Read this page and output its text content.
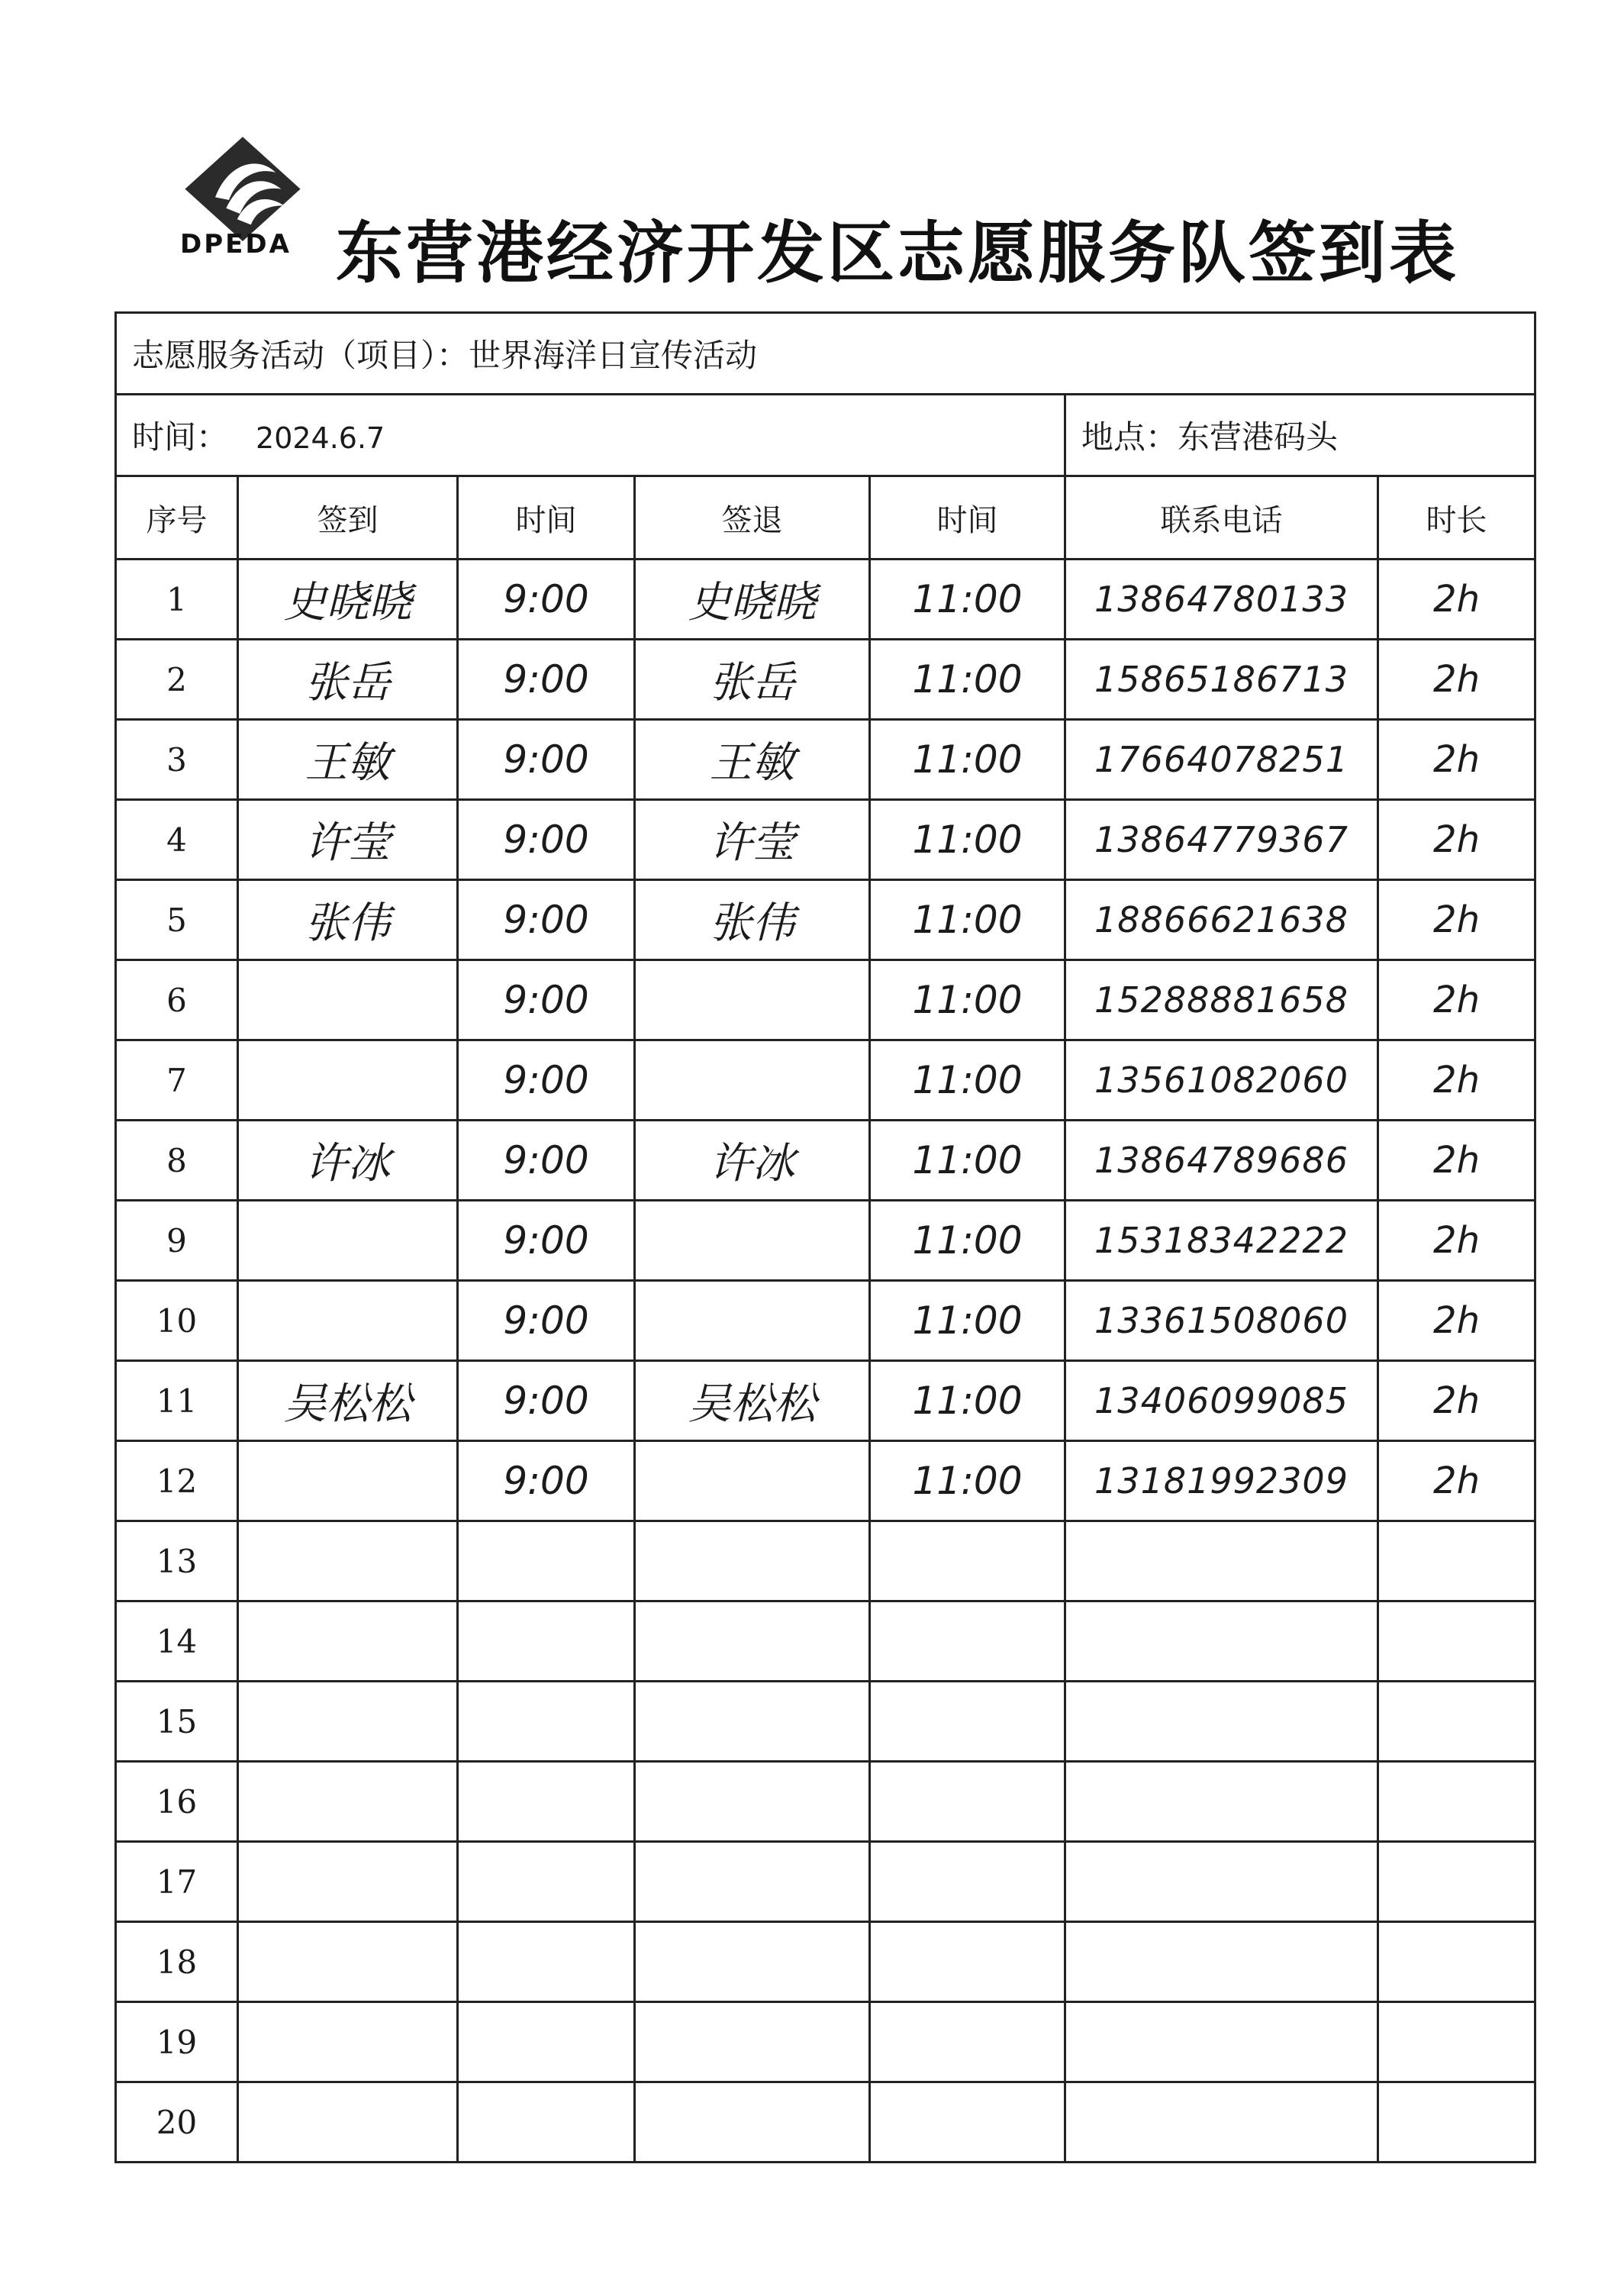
DPEDA 东营港经济开发区志愿服务队签到表
志愿服务活动（项目）：世界海洋日宣传活动						
时间： 2024.6.7					地点：东营港码头	
序号	签到	时间	签退	时间	联系电话	时长
1	史晓晓	9:00	史晓晓	11:00	13864780133	2h
2	张岳	9:00	张岳	11:00	15865186713	2h
3	王敏	9:00	王敏	11:00	17664078251	2h
4	许莹	9:00	许莹	11:00	13864779367	2h
5	张伟	9:00	张伟	11:00	18866621638	2h
6		9:00		11:00	15288881658	2h
7		9:00		11:00	13561082060	2h
8	许冰	9:00	许冰	11:00	13864789686	2h
9		9:00		11:00	15318342222	2h
10		9:00		11:00	13361508060	2h
11	吴松松	9:00	吴松松	11:00	13406099085	2h
12		9:00		11:00	13181992309	2h
13						
14						
15						
16						
17						
18						
19						
20						
